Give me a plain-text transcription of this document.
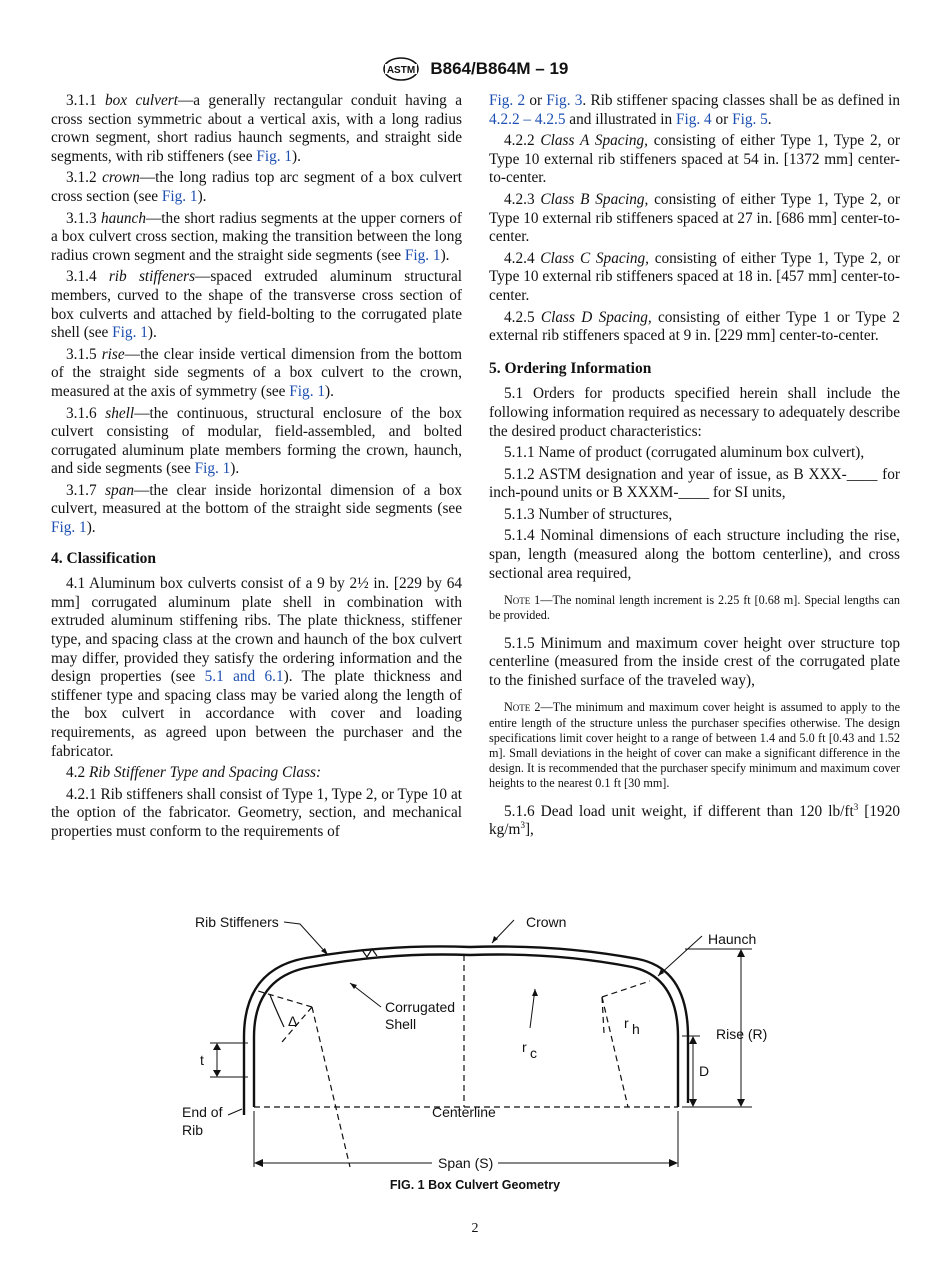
ASTM B864/B864M – 19

3.1.1 box culvert—a generally rectangular conduit having a cross section symmetric about a vertical axis, with a long radius crown segment, short radius haunch segments, and straight side segments, with rib stiffeners (see Fig. 1).

3.1.2 crown—the long radius top arc segment of a box culvert cross section (see Fig. 1).

3.1.3 haunch—the short radius segments at the upper corners of a box culvert cross section, making the transition between the long radius crown segment and the straight side segments (see Fig. 1).

3.1.4 rib stiffeners—spaced extruded aluminum structural members, curved to the shape of the transverse cross section of box culverts and attached by field-bolting to the corrugated plate shell (see Fig. 1).

3.1.5 rise—the clear inside vertical dimension from the bottom of the straight side segments of a box culvert to the crown, measured at the axis of symmetry (see Fig. 1).

3.1.6 shell—the continuous, structural enclosure of the box culvert consisting of modular, field-assembled, and bolted corrugated aluminum plate members forming the crown, haunch, and side segments (see Fig. 1).

3.1.7 span—the clear inside horizontal dimension of a box culvert, measured at the bottom of the straight side segments (see Fig. 1).

4. Classification

4.1 Aluminum box culverts consist of a 9 by 2½ in. [229 by 64 mm] corrugated aluminum plate shell in combination with extruded aluminum stiffening ribs. The plate thickness, stiffener type, and spacing class at the crown and haunch of the box culvert may differ, provided they satisfy the ordering information and the design properties (see 5.1 and 6.1). The plate thickness and stiffener type and spacing class may be varied along the length of the box culvert in accordance with cover and loading requirements, as agreed upon between the purchaser and the fabricator.

4.2 Rib Stiffener Type and Spacing Class:

4.2.1 Rib stiffeners shall consist of Type 1, Type 2, or Type 10 at the option of the fabricator. Geometry, section, and mechanical properties must conform to the requirements of

Fig. 2 or Fig. 3. Rib stiffener spacing classes shall be as defined in 4.2.2 – 4.2.5 and illustrated in Fig. 4 or Fig. 5.

4.2.2 Class A Spacing, consisting of either Type 1, Type 2, or Type 10 external rib stiffeners spaced at 54 in. [1372 mm] center-to-center.

4.2.3 Class B Spacing, consisting of either Type 1, Type 2, or Type 10 external rib stiffeners spaced at 27 in. [686 mm] center-to-center.

4.2.4 Class C Spacing, consisting of either Type 1, Type 2, or Type 10 external rib stiffeners spaced at 18 in. [457 mm] center-to-center.

4.2.5 Class D Spacing, consisting of either Type 1 or Type 2 external rib stiffeners spaced at 9 in. [229 mm] center-to-center.

5. Ordering Information

5.1 Orders for products specified herein shall include the following information required as necessary to adequately describe the desired product characteristics:

5.1.1 Name of product (corrugated aluminum box culvert),

5.1.2 ASTM designation and year of issue, as B XXX-____ for inch-pound units or B XXXM-____ for SI units,

5.1.3 Number of structures,

5.1.4 Nominal dimensions of each structure including the rise, span, length (measured along the bottom centerline), and cross sectional area required,

Note 1—The nominal length increment is 2.25 ft [0.68 m]. Special lengths can be provided.

5.1.5 Minimum and maximum cover height over structure top centerline (measured from the inside crest of the corrugated plate to the finished surface of the traveled way),

Note 2—The minimum and maximum cover height is assumed to apply to the entire length of the structure unless the purchaser specifies otherwise. The design specifications limit cover height to a range of between 1.4 and 5.0 ft [0.43 and 1.52 m]. Small deviations in the height of cover can make a significant difference in the design. It is recommended that the purchaser specify minimum and maximum cover heights to the nearest 0.1 ft [30 mm].

5.1.6 Dead load unit weight, if different than 120 $lb/ft^3$ [1920 $kg/m^3$],

Rib Stiffeners	Crown
Haunch
Corrugated
Shell
Δ	r h
r c
Rise (R)
t
D
End of
Rib
Centerline
Span (S)
FIG. 1 Box Culvert Geometry
2
